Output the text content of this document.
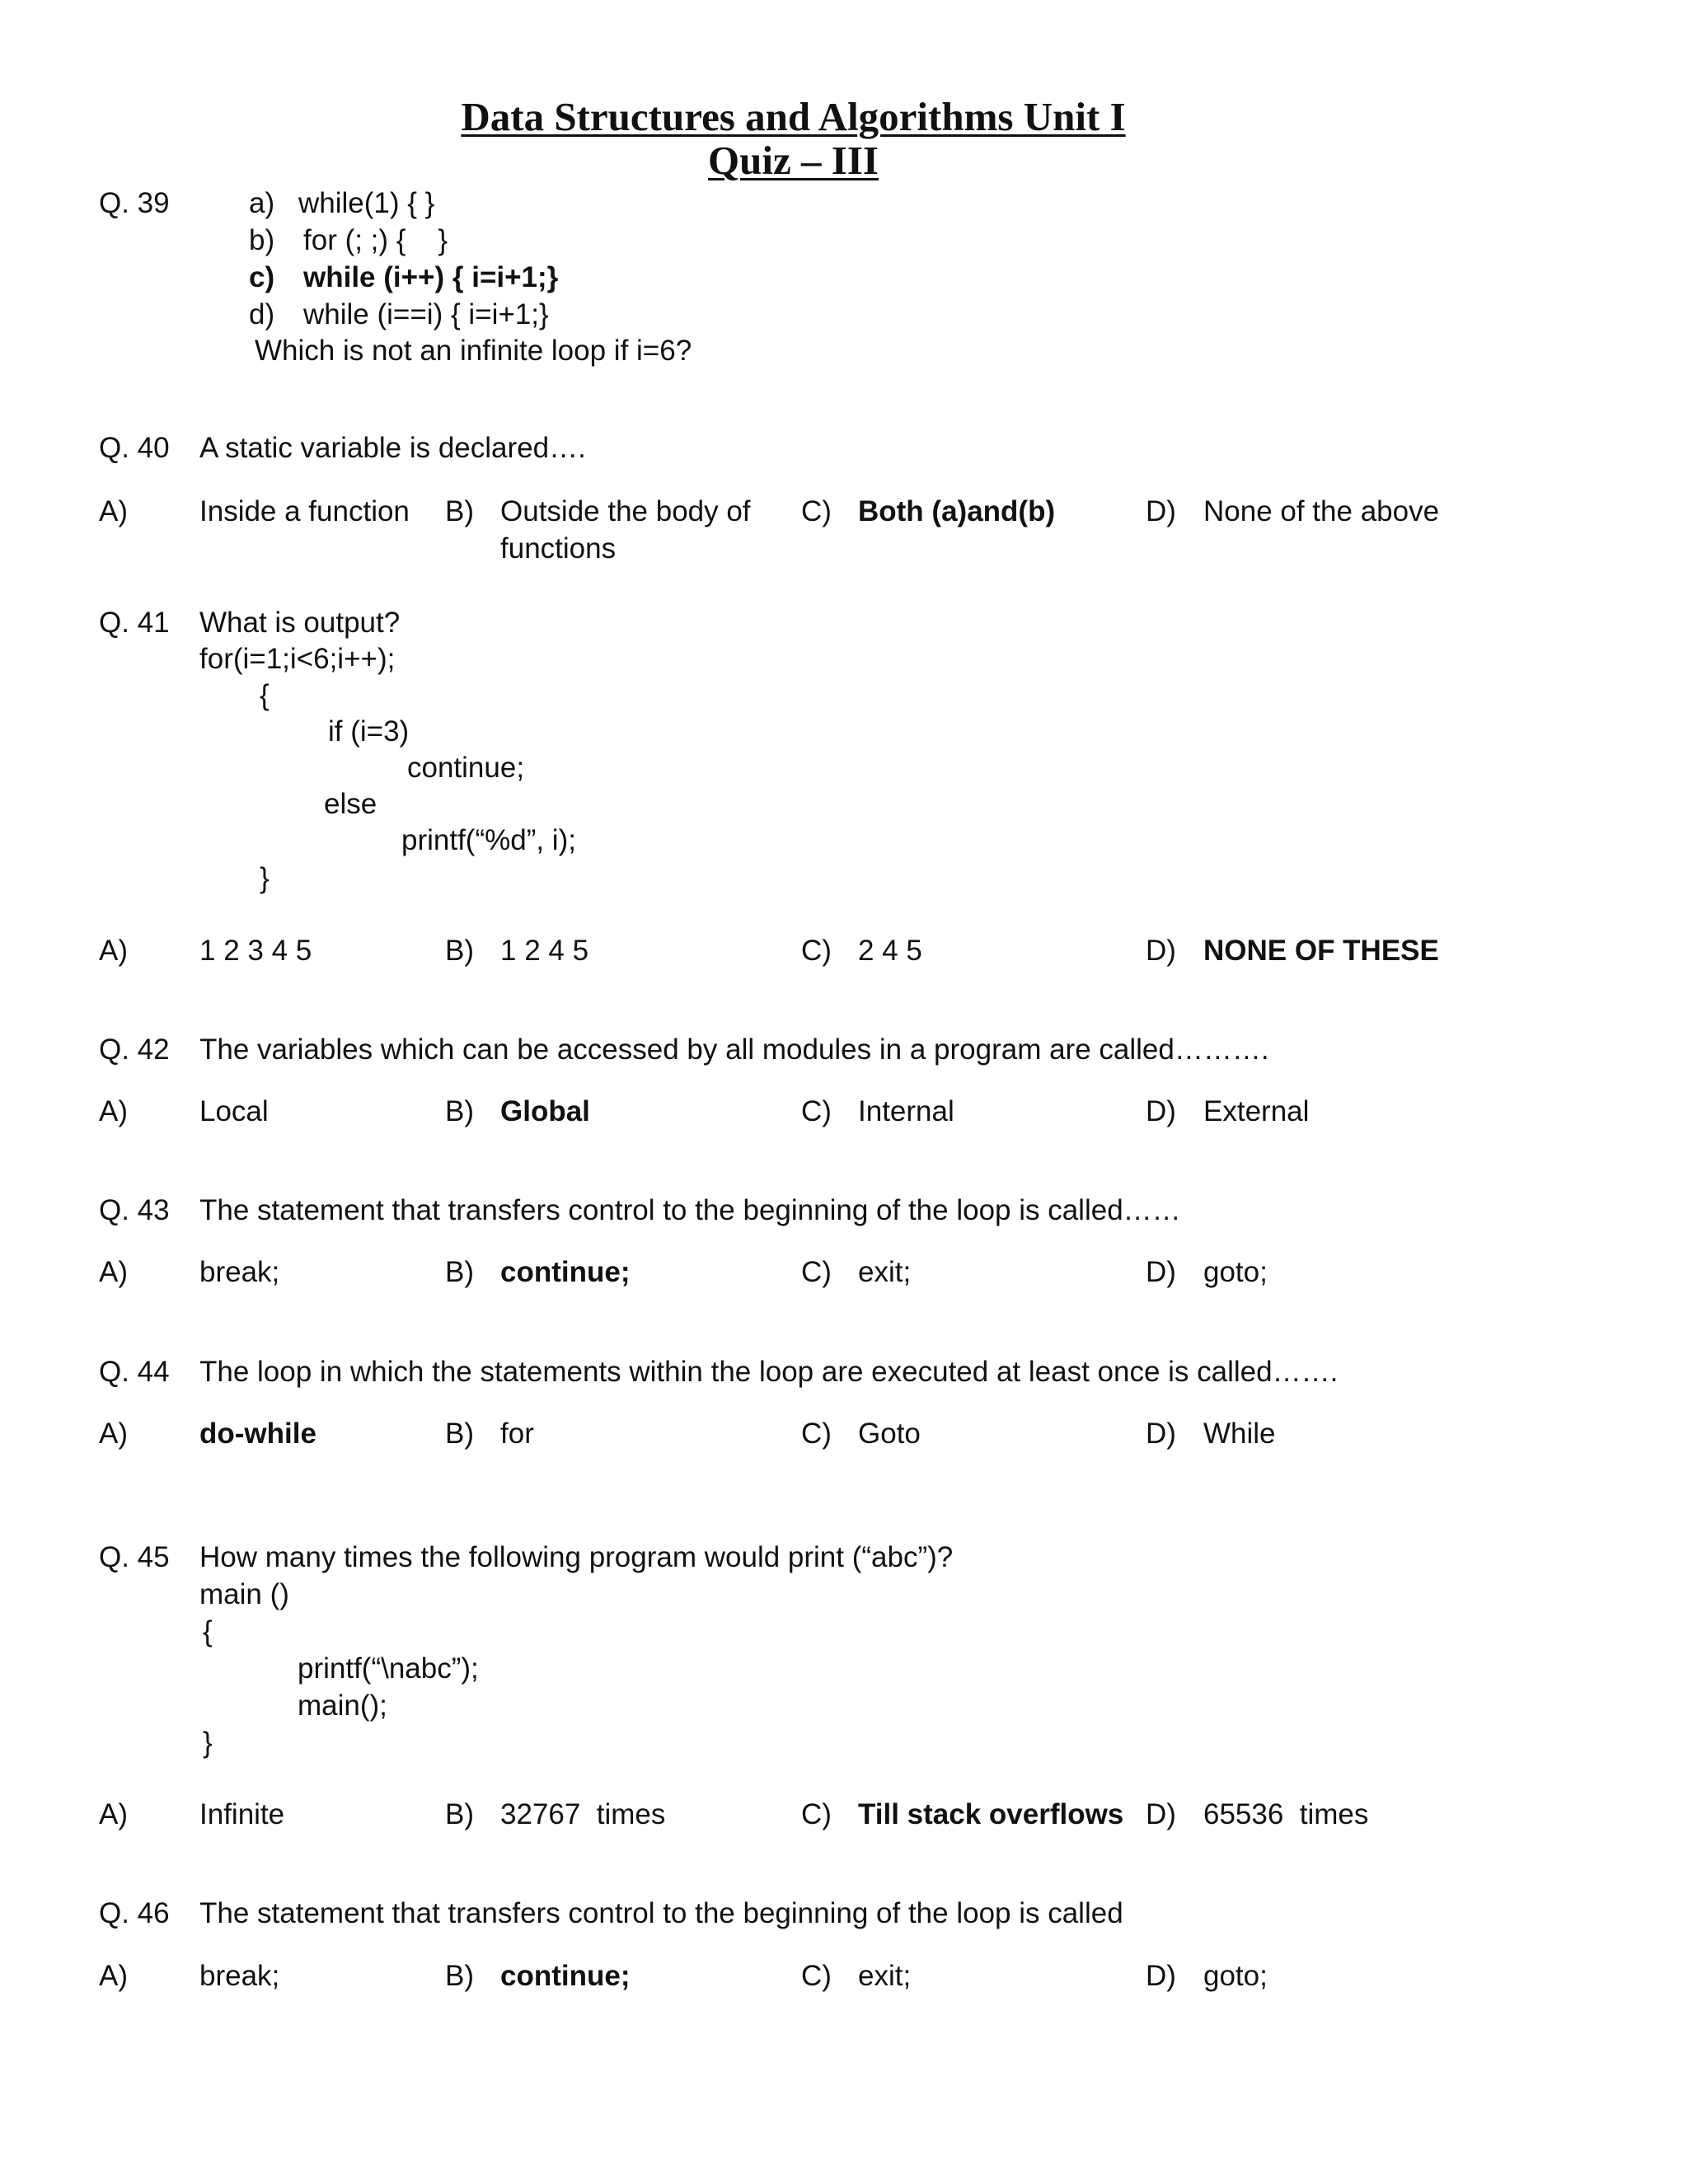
Data Structures and Algorithms Unit I
Quiz – III
Q. 39	a) while(1) { }
b) for (; ;) {    }
c) while (i++) { i=i+1;}
d) while (i==i) { i=i+1;}
Which is not an infinite loop if i=6?
Q. 40 A static variable is declared….
A) Inside a function B) Outside the body of
functions
C) Both (a)and(b)	D) None of the above
Q. 41 What is output?
for(i=1;i<6;i++);
{
if (i=3)
continue;
else
printf(“%d”, i);
}
A) 1 2 3 4 5	B) 1 2 4 5	C) 2 4 5	D) NONE OF THESE
Q. 42 The variables which can be accessed by all modules in a program are called……….
A) Local	B) Global	C) Internal	D) External
Q. 43 The statement that transfers control to the beginning of the loop is called……
A) break;	B) continue;	C) exit;	D) goto;
Q. 44 The loop in which the statements within the loop are executed at least once is called…….
A) do-while	B) for	C) Goto	D) While
Q. 45 How many times the following program would print (“abc”)?
main ()
{
printf(“\nabc”);
main();
}
A) Infinite	B) 32767  times	C) Till stack overflows D) 65536  times
Q. 46 The statement that transfers control to the beginning of the loop is called
A) break;	B) continue;	C) exit;	D) goto;
